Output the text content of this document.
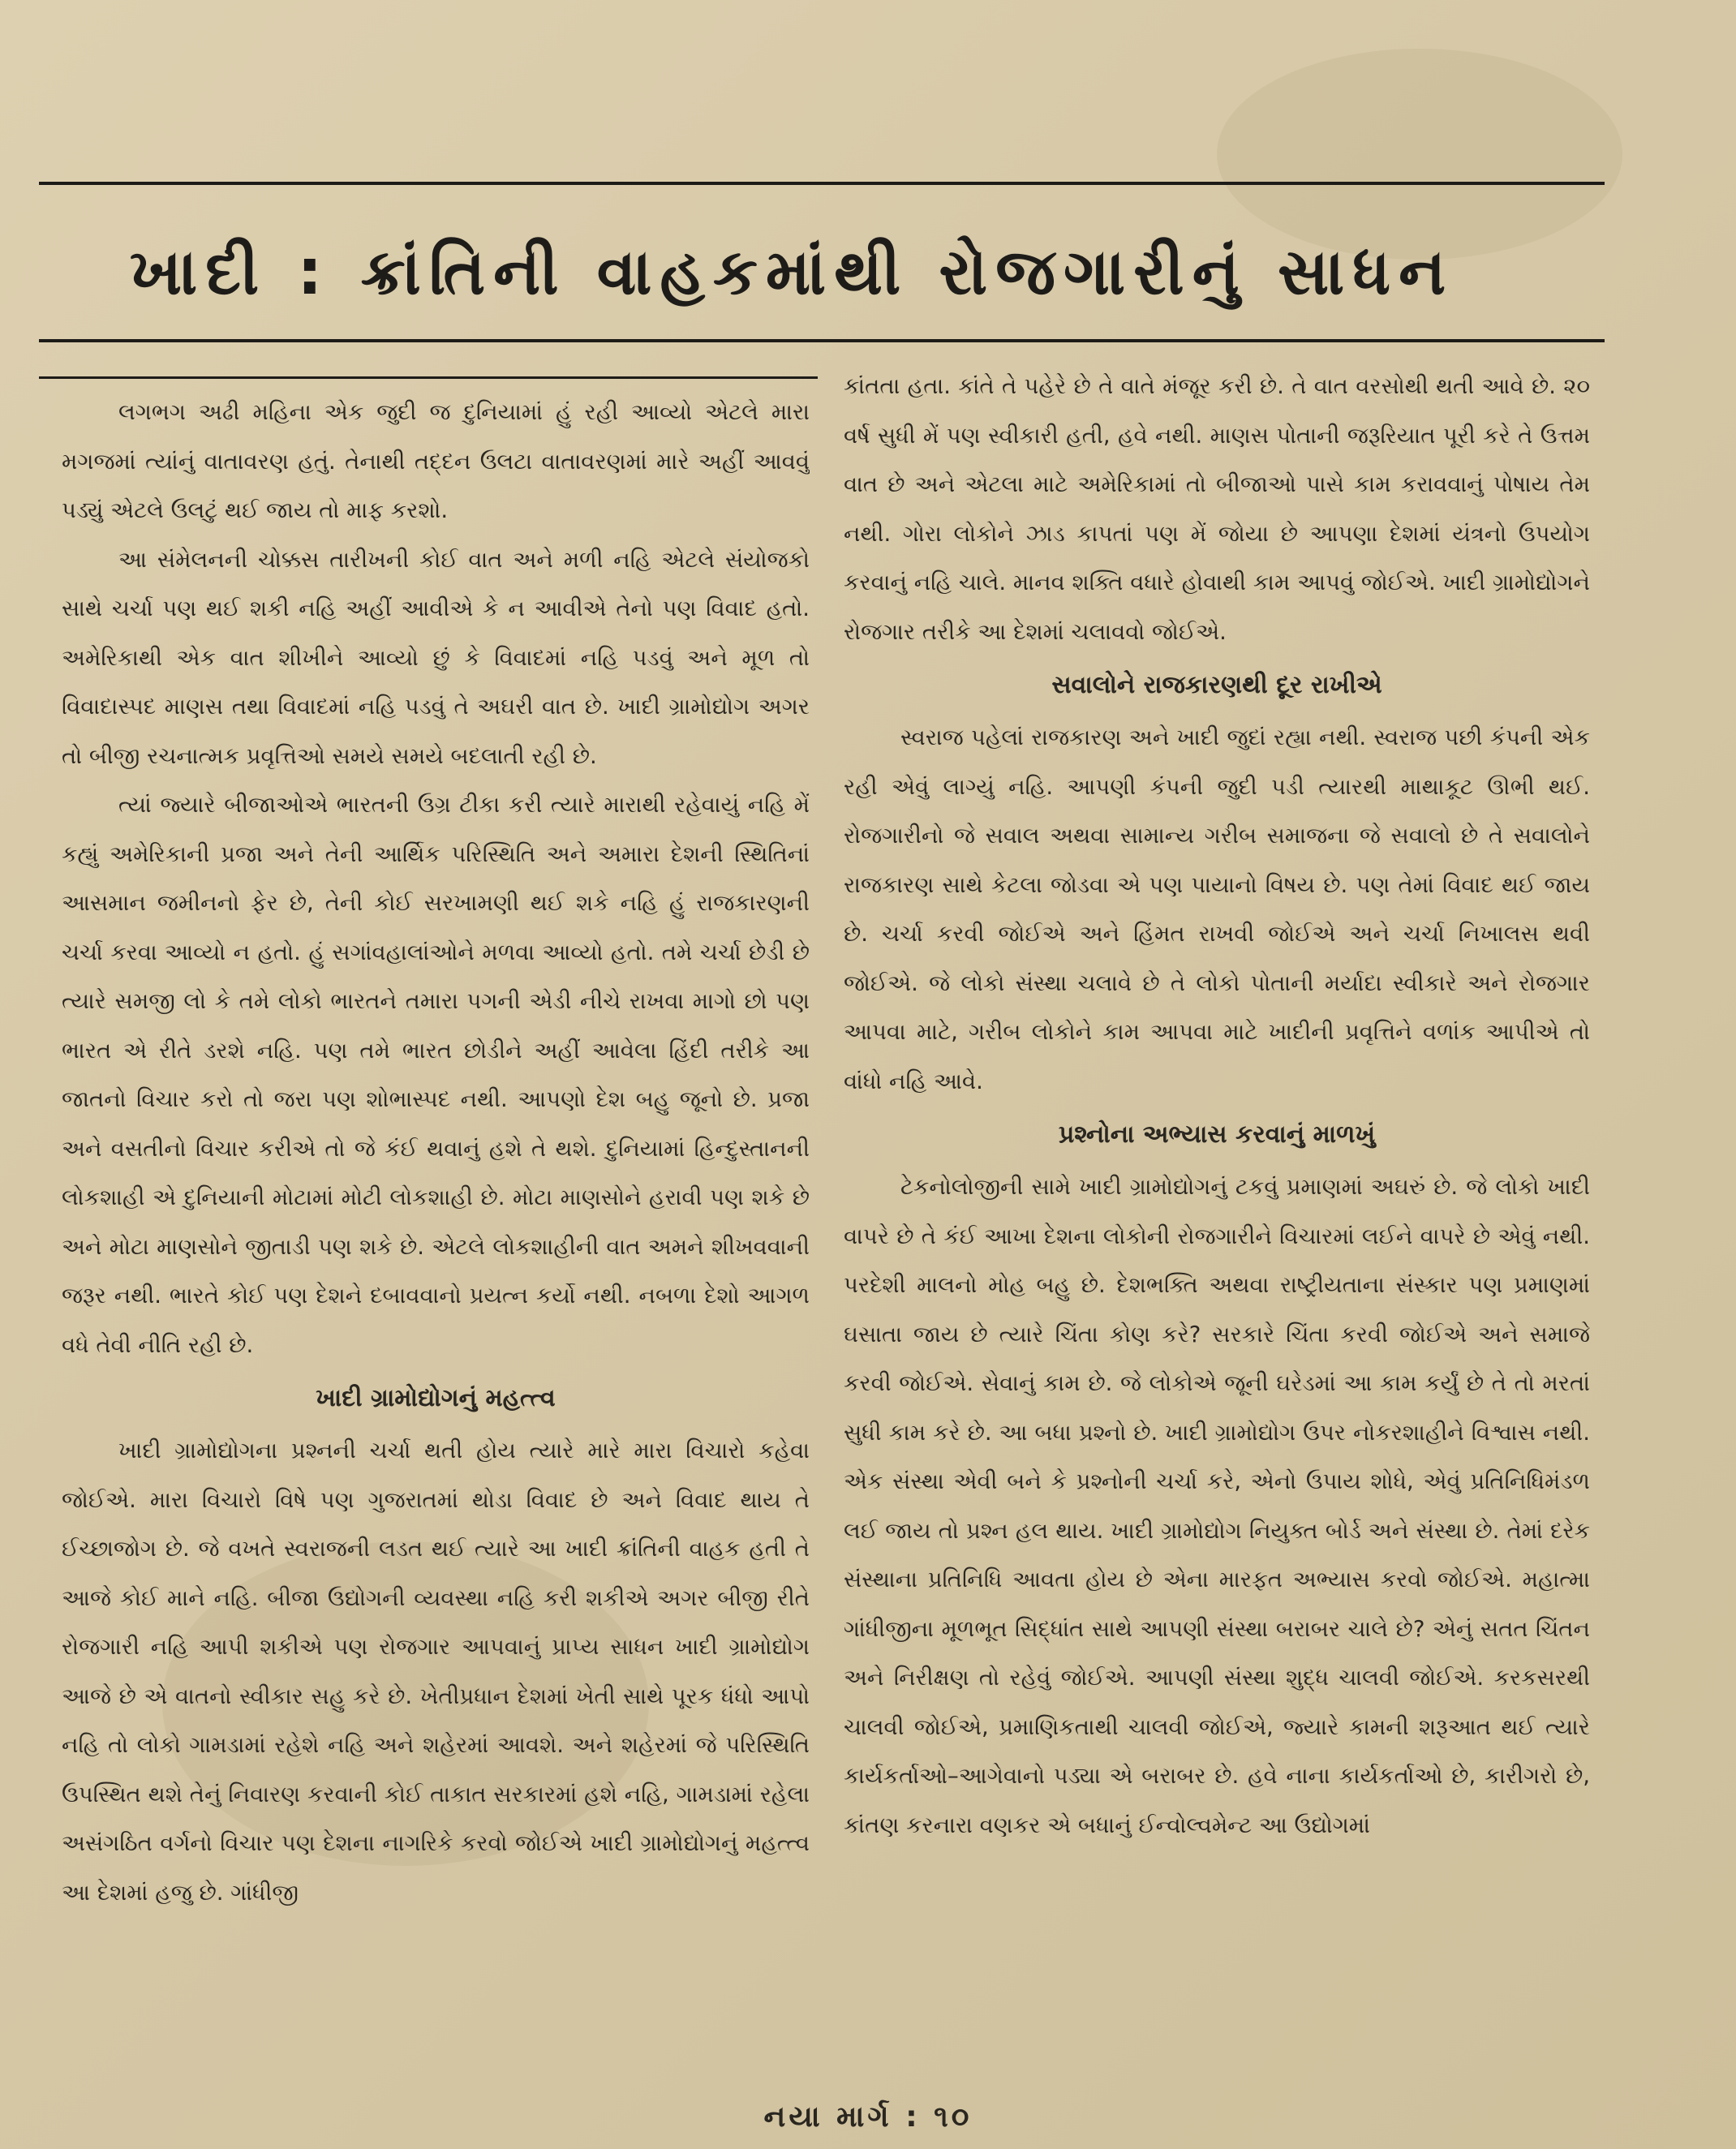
ખાદી : ક્રાંતિની વાહકમાંથી રોજગારીનું સાધન

લગભગ અઢી મહિના એક જુદી જ દુનિયામાં હું રહી આવ્યો એટલે મારા મગજમાં ત્યાંનું વાતાવરણ હતું. તેનાથી તદ્દન ઉલટા વાતાવરણમાં મારે અહીં આવવું પડ્યું એટલે ઉલટું થઈ જાય તો માફ કરશો.

આ સંમેલનની ચોક્કસ તારીખની કોઈ વાત અને મળી નહિ એટલે સંયોજકો સાથે ચર્ચા પણ થઈ શકી નહિ અહીં આવીએ કે ન આવીએ તેનો પણ વિવાદ હતો. અમેરિકાથી એક વાત શીખીને આવ્યો છું કે વિવાદમાં નહિ પડવું અને મૂળ તો વિવાદાસ્પદ માણસ તથા વિવાદમાં નહિ પડવું તે અઘરી વાત છે. ખાદી ગ્રામોદ્યોગ અગર તો બીજી રચનાત્મક પ્રવૃત્તિઓ સમયે સમયે બદલાતી રહી છે.

ત્યાં જ્યારે બીજાઓએ ભારતની ઉગ્ર ટીકા કરી ત્યારે મારાથી રહેવાયું નહિ મેં કહ્યું અમેરિકાની પ્રજા અને તેની આર્થિક પરિસ્થિતિ અને અમારા દેશની સ્થિતિનાં આસમાન જમીનનો ફેર છે, તેની કોઈ સરખામણી થઈ શકે નહિ હું રાજકારણની ચર્ચા કરવા આવ્યો ન હતો. હું સગાંવહાલાંઓને મળવા આવ્યો હતો. તમે ચર્ચા છેડી છે ત્યારે સમજી લો કે તમે લોકો ભારતને તમારા પગની એડી નીચે રાખવા માગો છો પણ ભારત એ રીતે ડરશે નહિ. પણ તમે ભારત છોડીને અહીં આવેલા હિંદી તરીકે આ જાતનો વિચાર કરો તો જરા પણ શોભાસ્પદ નથી. આપણો દેશ બહુ જૂનો છે. પ્રજા અને વસતીનો વિચાર કરીએ તો જે કંઈ થવાનું હશે તે થશે. દુનિયામાં હિન્દુસ્તાનની લોકશાહી એ દુનિયાની મોટામાં મોટી લોકશાહી છે. મોટા માણસોને હરાવી પણ શકે છે અને મોટા માણસોને જીતાડી પણ શકે છે. એટલે લોકશાહીની વાત અમને શીખવવાની જરૂર નથી. ભારતે કોઈ પણ દેશને દબાવવાનો પ્રયત્ન કર્યો નથી. નબળા દેશો આગળ વધે તેવી નીતિ રહી છે.

ખાદી ગ્રામોદ્યોગનું મહત્ત્વ

ખાદી ગ્રામોદ્યોગના પ્રશ્નની ચર્ચા થતી હોય ત્યારે મારે મારા વિચારો કહેવા જોઈએ. મારા વિચારો વિષે પણ ગુજરાતમાં થોડા વિવાદ છે અને વિવાદ થાય તે ઈચ્છાજોગ છે. જે વખતે સ્વરાજની લડત થઈ ત્યારે આ ખાદી ક્રાંતિની વાહક હતી તે આજે કોઈ માને નહિ. બીજા ઉદ્યોગની વ્યવસ્થા નહિ કરી શકીએ અગર બીજી રીતે રોજગારી નહિ આપી શકીએ પણ રોજગાર આપવાનું પ્રાપ્ય સાધન ખાદી ગ્રામોદ્યોગ આજે છે એ વાતનો સ્વીકાર સહુ કરે છે. ખેતીપ્રધાન દેશમાં ખેતી સાથે પૂરક ધંધો આપો નહિ તો લોકો ગામડામાં રહેશે નહિ અને શહેરમાં આવશે. અને શહેરમાં જે પરિસ્થિતિ ઉપસ્થિત થશે તેનું નિવારણ કરવાની કોઈ તાકાત સરકારમાં હશે નહિ, ગામડામાં રહેલા અસંગઠિત વર્ગનો વિચાર પણ દેશના નાગરિકે કરવો જોઈએ ખાદી ગ્રામોદ્યોગનું મહત્ત્વ આ દેશમાં હજુ છે. ગાંધીજી

કાંતતા હતા. કાંતે તે પહેરે છે તે વાતે મંજૂર કરી છે. તે વાત વરસોથી થતી આવે છે. ૨૦ વર્ષ સુધી મેં પણ સ્વીકારી હતી, હવે નથી. માણસ પોતાની જરૂરિયાત પૂરી કરે તે ઉત્તમ વાત છે અને એટલા માટે અમેરિકામાં તો બીજાઓ પાસે કામ કરાવવાનું પોષાય તેમ નથી. ગોરા લોકોને ઝાડ કાપતાં પણ મેં જોયા છે આપણા દેશમાં યંત્રનો ઉપયોગ કરવાનું નહિ ચાલે. માનવ શક્તિ વધારે હોવાથી કામ આપવું જોઈએ. ખાદી ગ્રામોદ્યોગને રોજગાર તરીકે આ દેશમાં ચલાવવો જોઈએ.

સવાલોને રાજકારણથી દૂર રાખીએ

સ્વરાજ પહેલાં રાજકારણ અને ખાદી જુદાં રહ્યા નથી. સ્વરાજ પછી કંપની એક રહી એવું લાગ્યું નહિ. આપણી કંપની જુદી પડી ત્યારથી માથાકૂટ ઊભી થઈ. રોજગારીનો જે સવાલ અથવા સામાન્ય ગરીબ સમાજના જે સવાલો છે તે સવાલોને રાજકારણ સાથે કેટલા જોડવા એ પણ પાયાનો વિષય છે. પણ તેમાં વિવાદ થઈ જાય છે. ચર્ચા કરવી જોઈએ અને હિંમત રાખવી જોઈએ અને ચર્ચા નિખાલસ થવી જોઈએ. જે લોકો સંસ્થા ચલાવે છે તે લોકો પોતાની મર્યાદા સ્વીકારે અને રોજગાર આપવા માટે, ગરીબ લોકોને કામ આપવા માટે ખાદીની પ્રવૃત્તિને વળાંક આપીએ તો વાંધો નહિ આવે.

પ્રશ્નોના અભ્યાસ કરવાનું માળખું

ટેકનોલોજીની સામે ખાદી ગ્રામોદ્યોગનું ટકવું પ્રમાણમાં અઘરું છે. જે લોકો ખાદી વાપરે છે તે કંઈ આખા દેશના લોકોની રોજગારીને વિચારમાં લઈને વાપરે છે એવું નથી. પરદેશી માલનો મોહ બહુ છે. દેશભક્તિ અથવા રાષ્ટ્રીયતાના સંસ્કાર પણ પ્રમાણમાં ઘસાતા જાય છે ત્યારે ચિંતા કોણ કરે? સરકારે ચિંતા કરવી જોઈએ અને સમાજે કરવી જોઈએ. સેવાનું કામ છે. જે લોકોએ જૂની ઘરેડમાં આ કામ કર્યું છે તે તો મરતાં સુધી કામ કરે છે. આ બધા પ્રશ્નો છે. ખાદી ગ્રામોદ્યોગ ઉપર નોકરશાહીને વિશ્વાસ નથી. એક સંસ્થા એવી બને કે પ્રશ્નોની ચર્ચા કરે, એનો ઉપાય શોધે, એવું પ્રતિનિધિમંડળ લઈ જાય તો પ્રશ્ન હલ થાય. ખાદી ગ્રામોદ્યોગ નિયુક્ત બોર્ડ અને સંસ્થા છે. તેમાં દરેક સંસ્થાના પ્રતિનિધિ આવતા હોય છે એના મારફત અભ્યાસ કરવો જોઈએ. મહાત્મા ગાંધીજીના મૂળભૂત સિદ્ધાંત સાથે આપણી સંસ્થા બરાબર ચાલે છે? એનું સતત ચિંતન અને નિરીક્ષણ તો રહેવું જોઈએ. આપણી સંસ્થા શુદ્ધ ચાલવી જોઈએ. કરકસરથી ચાલવી જોઈએ, પ્રમાણિકતાથી ચાલવી જોઈએ, જ્યારે કામની શરૂઆત થઈ ત્યારે કાર્યકર્તાઓ–આગેવાનો પડ્યા એ બરાબર છે. હવે નાના કાર્યકર્તાઓ છે, કારીગરો છે, કાંતણ કરનારા વણકર એ બધાનું ઈન્વોલ્વમેન્ટ આ ઉદ્યોગમાં

નયા માર્ગ : ૧૦
